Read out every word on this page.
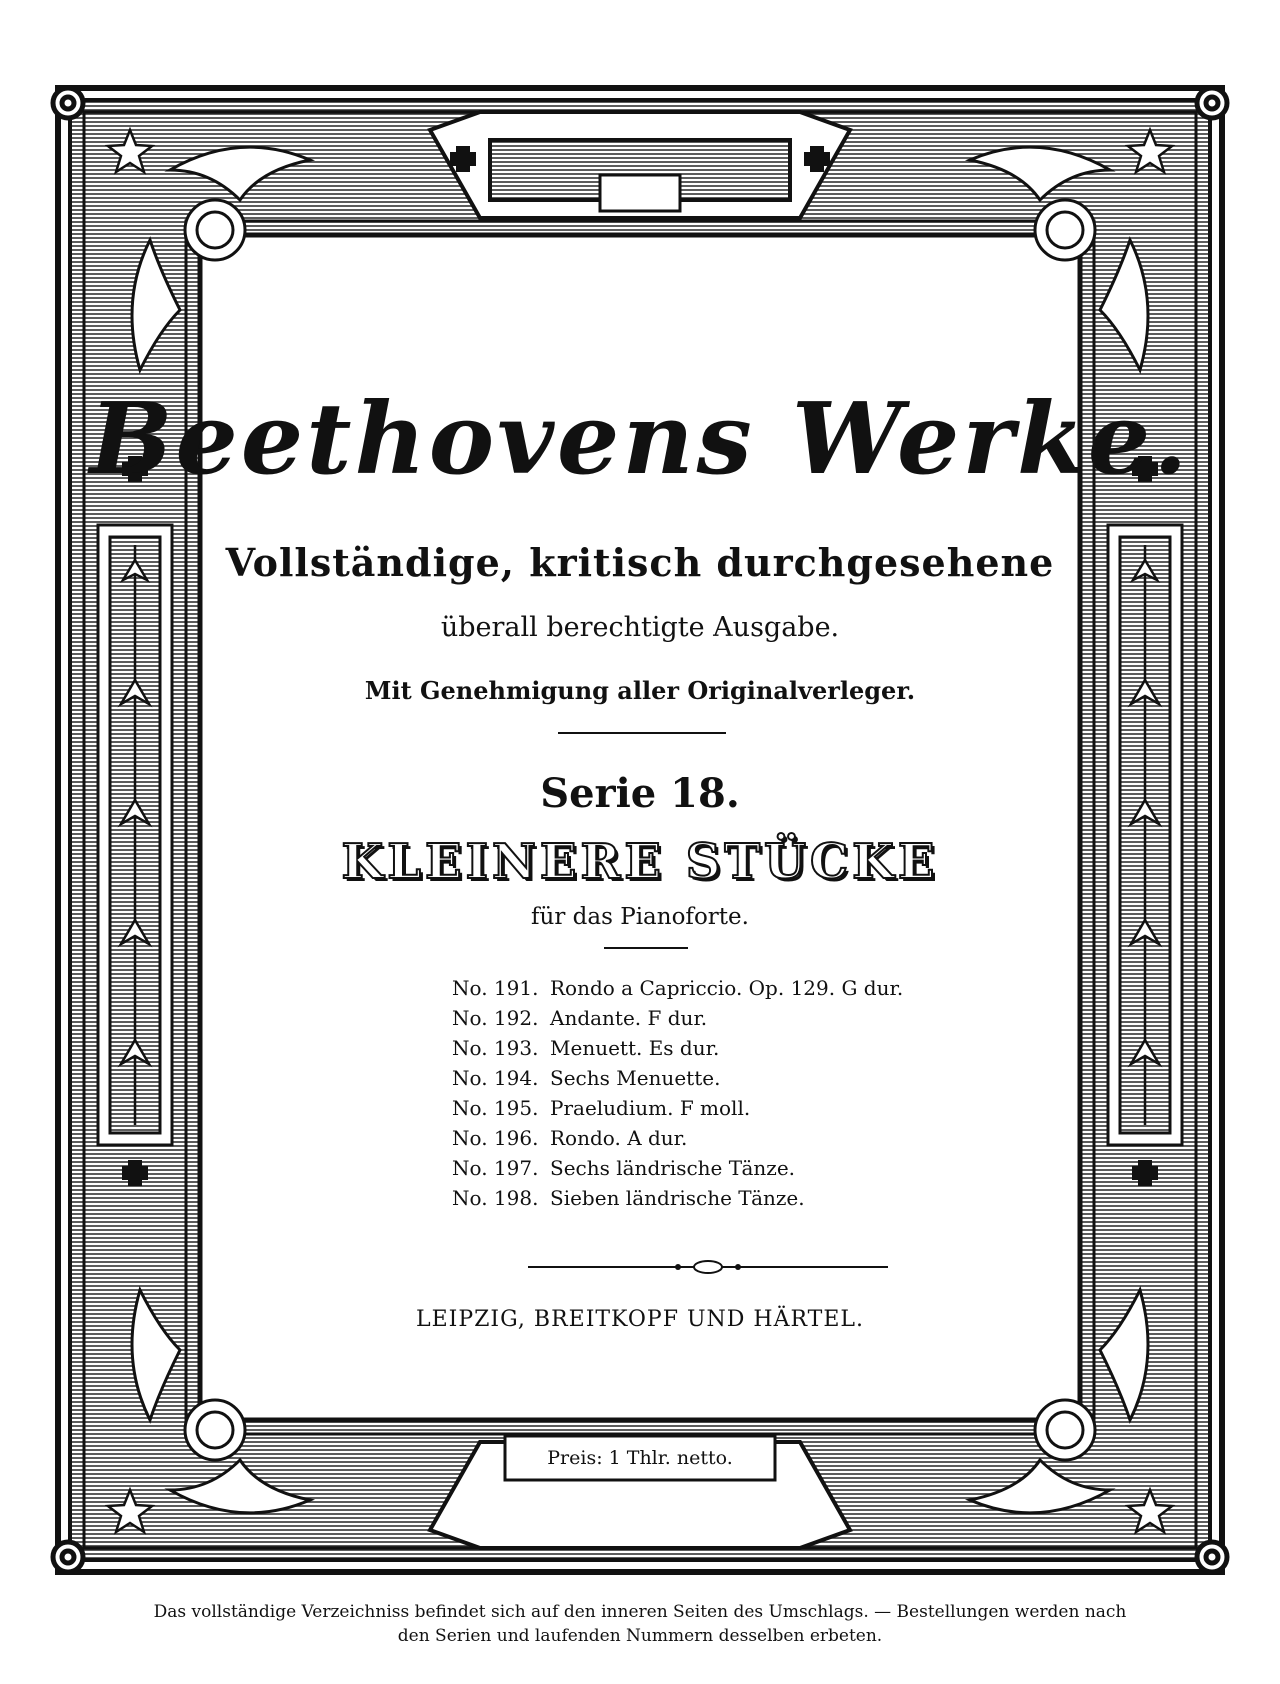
Beethovens Werke.
Vollständige, kritisch durchgesehene
überall berechtigte Ausgabe.
Mit Genehmigung aller Originalverleger.
Serie 18.
KLEINERE STÜCKE
für das Pianoforte.
No. 191. Rondo a Capriccio. Op. 129. G dur.
No. 192. Andante. F dur.
No. 193. Menuett. Es dur.
No. 194. Sechs Menuette.
No. 195. Praeludium. F moll.
No. 196. Rondo. A dur.
No. 197. Sechs ländrische Tänze.
No. 198. Sieben ländrische Tänze.
LEIPZIG, BREITKOPF UND HÄRTEL.
Preis: 1 Thlr. netto.
Das vollständige Verzeichniss befindet sich auf den inneren Seiten des Umschlags. — Bestellungen werden nach
den Serien und laufenden Nummern desselben erbeten.
